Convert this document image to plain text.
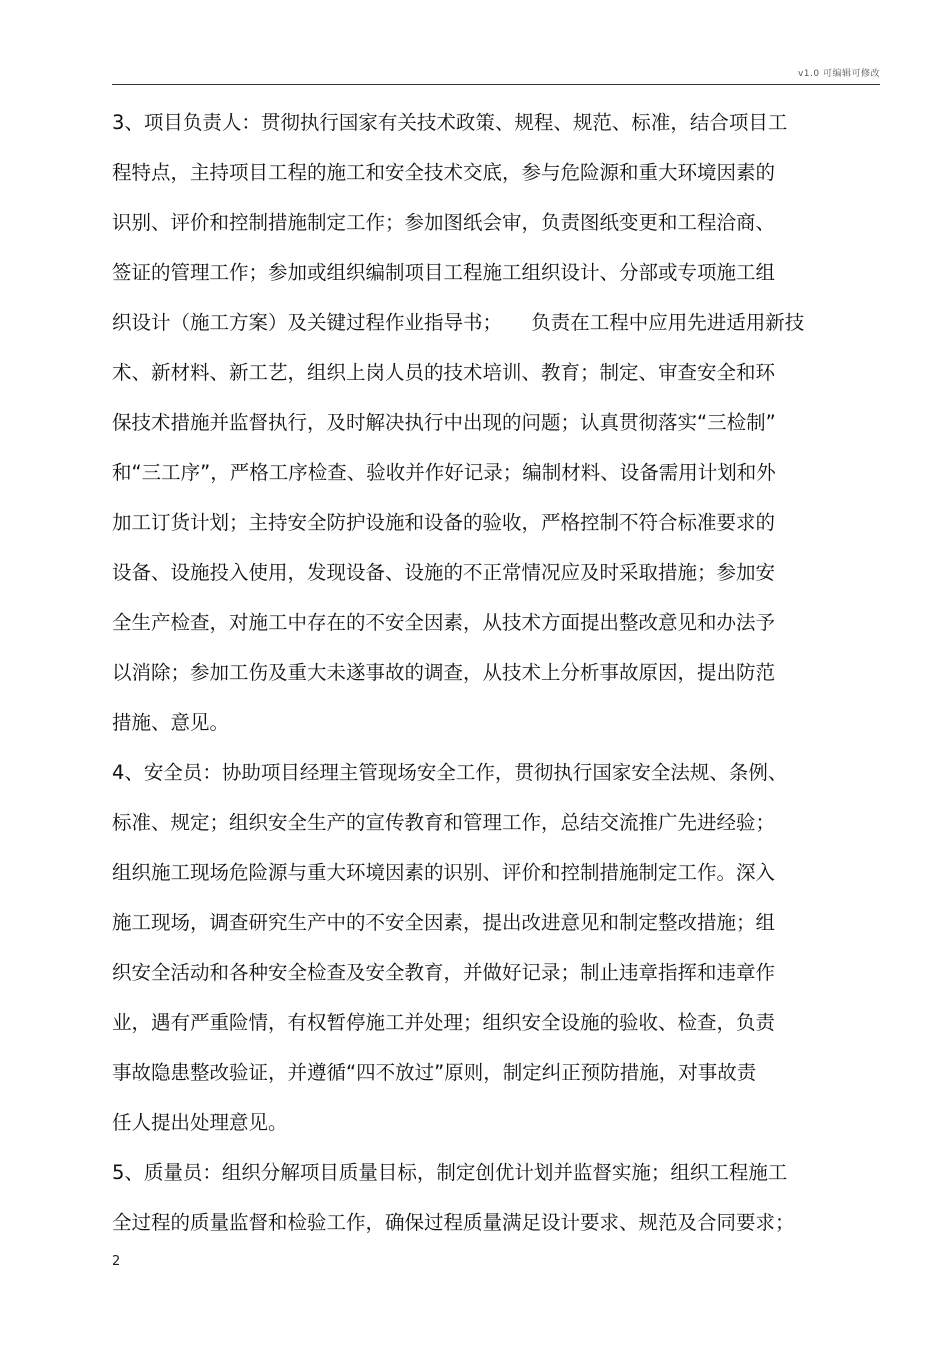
v1.0 可编辑可修改
3、项目负责人：贯彻执行国家有关技术政策、规程、规范、标准，结合项目工
程特点，主持项目工程的施工和安全技术交底，参与危险源和重大环境因素的
识别、评价和控制措施制定工作；参加图纸会审，负责图纸变更和工程洽商、
签证的管理工作；参加或组织编制项目工程施工组织设计、分部或专项施工组
织设计（施工方案）及关键过程作业指导书；　　负责在工程中应用先进适用新技
术、新材料、新工艺，组织上岗人员的技术培训、教育；制定、审查安全和环
保技术措施并监督执行，及时解决执行中出现的问题；认真贯彻落实“三检制”
和“三工序”，严格工序检查、验收并作好记录；编制材料、设备需用计划和外
加工订货计划；主持安全防护设施和设备的验收，严格控制不符合标准要求的
设备、设施投入使用，发现设备、设施的不正常情况应及时采取措施；参加安
全生产检查，对施工中存在的不安全因素，从技术方面提出整改意见和办法予
以消除；参加工伤及重大未遂事故的调查，从技术上分析事故原因，提出防范
措施、意见。
4、安全员：协助项目经理主管现场安全工作，贯彻执行国家安全法规、条例、
标准、规定；组织安全生产的宣传教育和管理工作，总结交流推广先进经验；
组织施工现场危险源与重大环境因素的识别、评价和控制措施制定工作。深入
施工现场，调查研究生产中的不安全因素，提出改进意见和制定整改措施；组
织安全活动和各种安全检查及安全教育，并做好记录；制止违章指挥和违章作
业，遇有严重险情，有权暂停施工并处理；组织安全设施的验收、检查，负责
事故隐患整改验证，并遵循“四不放过”原则，制定纠正预防措施，对事故责
任人提出处理意见。
5、质量员：组织分解项目质量目标，制定创优计划并监督实施；组织工程施工
全过程的质量监督和检验工作，确保过程质量满足设计要求、规范及合同要求；
2
